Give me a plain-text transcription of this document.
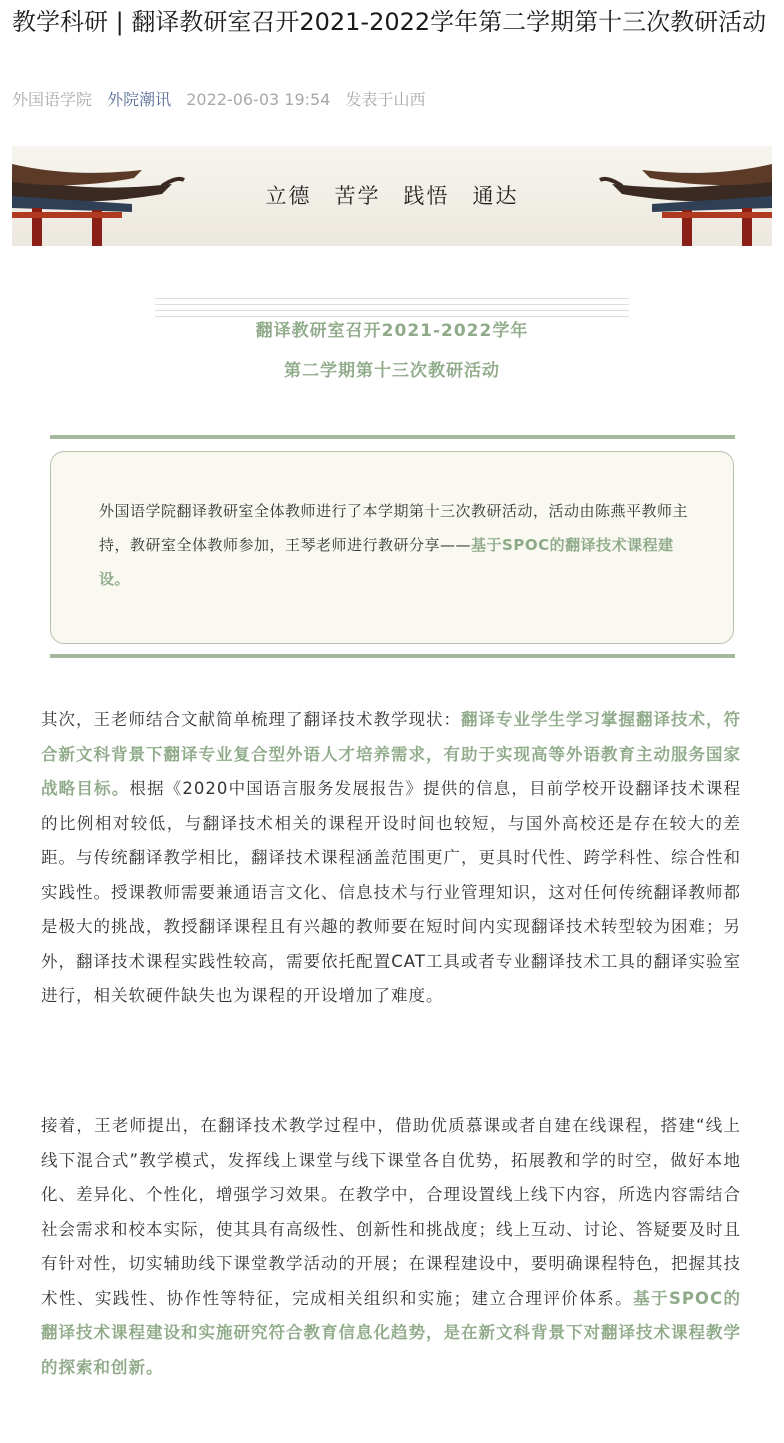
教学科研 | 翻译教研室召开2021-2022学年第二学期第十三次教研活动
外国语学院 外院潮讯 2022-06-03 19:54 发表于山西
立德　苦学　践悟　通达
翻译教研室召开2021-2022学年
第二学期第十三次教研活动
外国语学院翻译教研室全体教师进行了本学期第十三次教研活动，活动由陈燕平教师主持，教研室全体教师参加，王琴老师进行教研分享——基于SPOC的翻译技术课程建设。
其次，王老师结合文献简单梳理了翻译技术教学现状：翻译专业学生学习掌握翻译技术，符合新文科背景下翻译专业复合型外语人才培养需求，有助于实现高等外语教育主动服务国家战略目标。根据《2020中国语言服务发展报告》提供的信息，目前学校开设翻译技术课程的比例相对较低，与翻译技术相关的课程开设时间也较短，与国外高校还是存在较大的差距。与传统翻译教学相比，翻译技术课程涵盖范围更广，更具时代性、跨学科性、综合性和实践性。授课教师需要兼通语言文化、信息技术与行业管理知识，这对任何传统翻译教师都是极大的挑战，教授翻译课程且有兴趣的教师要在短时间内实现翻译技术转型较为困难；另外，翻译技术课程实践性较高，需要依托配置CAT工具或者专业翻译技术工具的翻译实验室进行，相关软硬件缺失也为课程的开设增加了难度。
接着，王老师提出，在翻译技术教学过程中，借助优质慕课或者自建在线课程，搭建“线上线下混合式”教学模式，发挥线上课堂与线下课堂各自优势，拓展教和学的时空，做好本地化、差异化、个性化，增强学习效果。在教学中，合理设置线上线下内容，所选内容需结合社会需求和校本实际，使其具有高级性、创新性和挑战度；线上互动、讨论、答疑要及时且有针对性，切实辅助线下课堂教学活动的开展；在课程建设中，要明确课程特色，把握其技术性、实践性、协作性等特征，完成相关组织和实施；建立合理评价体系。基于SPOC的翻译技术课程建设和实施研究符合教育信息化趋势，是在新文科背景下对翻译技术课程教学的探索和创新。
